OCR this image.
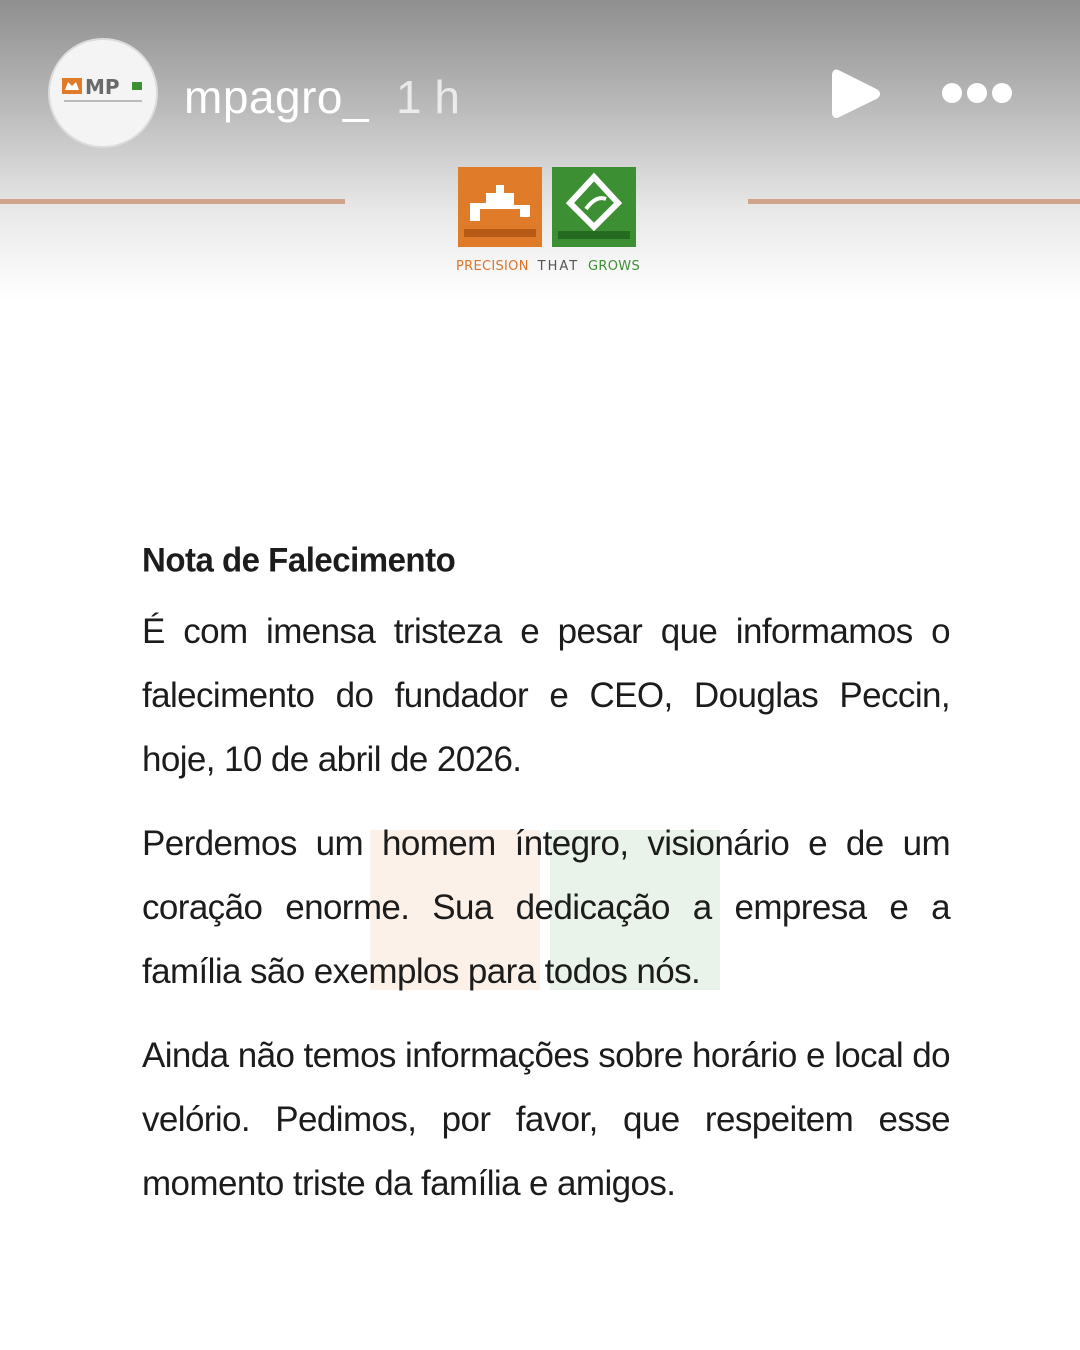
MP mpagro_ 1 h
PRECISION THAT GROWS
Nota de Falecimento

É com imensa tristeza e pesar que informamos o falecimento do fundador e CEO, Douglas Peccin, hoje, 10 de abril de 2026.

Perdemos um homem íntegro, visionário e de um coração enorme. Sua dedicação a empresa e a família são exemplos para todos nós.

Ainda não temos informações sobre horário e local do velório. Pedimos, por favor, que respeitem esse momento triste da família e amigos.
